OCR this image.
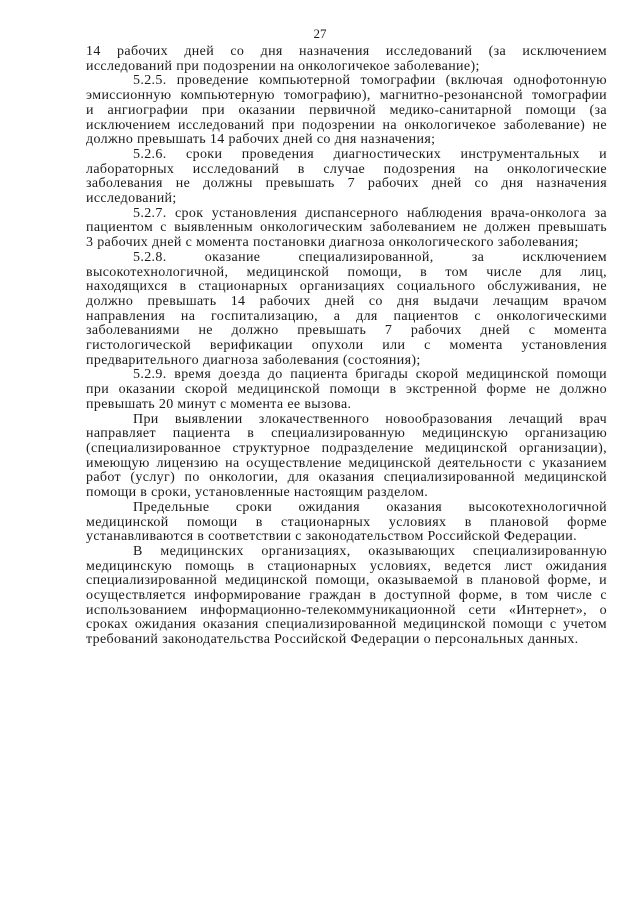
27
14 рабочих дней со дня назначения исследований (за исключением
исследований при подозрении на онкологичекое заболевание);
5.2.5. проведение компьютерной томографии (включая однофотонную
эмиссионную компьютерную томографию), магнитно-резонансной томографии
и ангиографии при оказании первичной медико-санитарной помощи (за
исключением исследований при подозрении на онкологичекое заболевание) не
должно превышать 14 рабочих дней со дня назначения;
5.2.6. сроки проведения диагностических инструментальных и
лабораторных исследований в случае подозрения на онкологические
заболевания не должны превышать 7 рабочих дней со дня назначения
исследований;
5.2.7. срок установления диспансерного наблюдения врача-онколога за
пациентом с выявленным онкологическим заболеванием не должен превышать
3 рабочих дней с момента постановки диагноза онкологического заболевания;
5.2.8. оказание специализированной, за исключением
высокотехнологичной, медицинской помощи, в том числе для лиц,
находящихся в стационарных организациях социального обслуживания, не
должно превышать 14 рабочих дней со дня выдачи лечащим врачом
направления на госпитализацию, а для пациентов с онкологическими
заболеваниями не должно превышать 7 рабочих дней с момента
гистологической верификации опухоли или с момента установления
предварительного диагноза заболевания (состояния);
5.2.9. время доезда до пациента бригады скорой медицинской помощи
при оказании скорой медицинской помощи в экстренной форме не должно
превышать 20 минут с момента ее вызова.
При выявлении злокачественного новообразования лечащий врач
направляет пациента в специализированную медицинскую организацию
(специализированное структурное подразделение медицинской организации),
имеющую лицензию на осуществление медицинской деятельности с указанием
работ (услуг) по онкологии, для оказания специализированной медицинской
помощи в сроки, установленные настоящим разделом.
Предельные сроки ожидания оказания высокотехнологичной
медицинской помощи в стационарных условиях в плановой форме
устанавливаются в соответствии с законодательством Российской Федерации.
В медицинских организациях, оказывающих специализированную
медицинскую помощь в стационарных условиях, ведется лист ожидания
специализированной медицинской помощи, оказываемой в плановой форме, и
осуществляется информирование граждан в доступной форме, в том числе с
использованием информационно-телекоммуникационной сети «Интернет», о
сроках ожидания оказания специализированной медицинской помощи с учетом
требований законодательства Российской Федерации о персональных данных.
